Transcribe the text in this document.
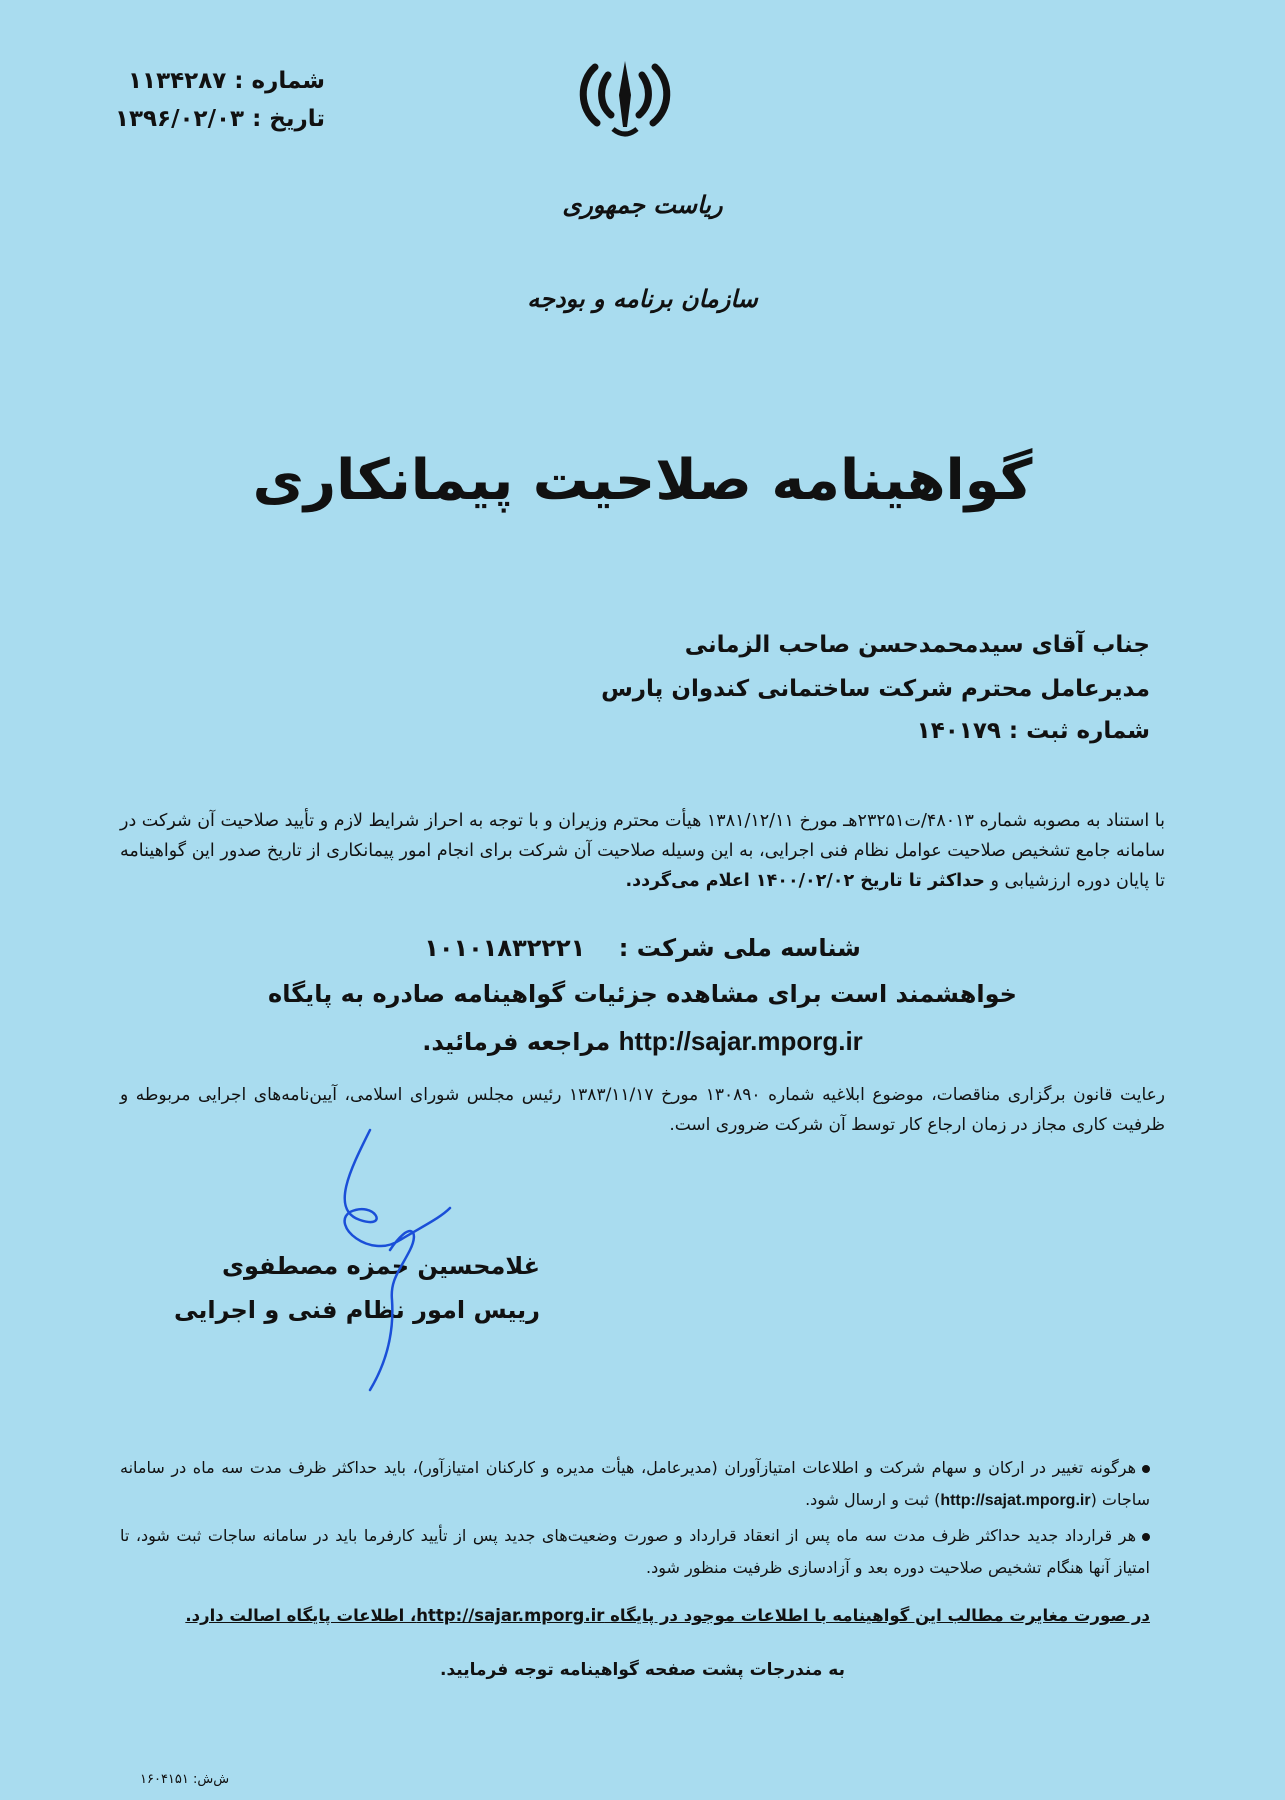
شماره : ۱۱۳۴۲۸۷
تاریخ : ۱۳۹۶/۰۲/۰۳
ریاست جمهوری
سازمان برنامه و بودجه
گواهینامه صلاحیت پیمانکاری
جناب آقای سیدمحمدحسن صاحب الزمانی
مدیرعامل محترم شرکت ساختمانی کندوان پارس
شماره ثبت : ۱۴۰۱۷۹
با استناد به مصوبه شماره ۴۸۰۱۳/ت۲۳۲۵۱هـ مورخ ۱۳۸۱/۱۲/۱۱ هیأت محترم وزیران و با توجه به احراز شرایط لازم و تأیید صلاحیت آن شرکت در سامانه جامع تشخیص صلاحیت عوامل نظام فنی اجرایی، به این وسیله صلاحیت آن شرکت برای انجام امور پیمانکاری از تاریخ صدور این گواهینامه تا پایان دوره ارزشیابی و حداکثر تا تاریخ ۱۴۰۰/۰۲/۰۲ اعلام می‌گردد.
شناسه ملی شرکت :    ۱۰۱۰۱۸۳۲۲۲۱
خواهشمند است برای مشاهده جزئیات گواهینامه صادره به پایگاه
http://sajar.mporg.ir مراجعه فرمائید.
رعایت قانون برگزاری مناقصات، موضوع ابلاغیه شماره ۱۳۰۸۹۰ مورخ ۱۳۸۳/۱۱/۱۷ رئیس مجلس شورای اسلامی، آیین‌نامه‌های اجرایی مربوطه و ظرفیت کاری مجاز در زمان ارجاع کار توسط آن شرکت ضروری است.
غلامحسین حمزه مصطفوی
رییس امور نظام فنی و اجرایی
هرگونه تغییر در ارکان و سهام شرکت و اطلاعات امتیازآوران (مدیرعامل، هیأت مدیره و کارکنان امتیازآور)، باید حداکثر ظرف مدت سه ماه در سامانه ساجات (http://sajat.mporg.ir) ثبت و ارسال شود.
هر قرارداد جدید حداکثر ظرف مدت سه ماه پس از انعقاد قرارداد و صورت وضعیت‌های جدید پس از تأیید کارفرما باید در سامانه ساجات ثبت شود، تا امتیاز آنها هنگام تشخیص صلاحیت دوره بعد و آزادسازی ظرفیت منظور شود.
در صورت مغایرت مطالب این گواهینامه با اطلاعات موجود در پایگاه http://sajar.mporg.ir، اطلاعات پایگاه اصالت دارد.
به مندرجات پشت صفحه گواهینامه توجه فرمایید.
ش‌ش: ۱۶۰۴۱۵۱
